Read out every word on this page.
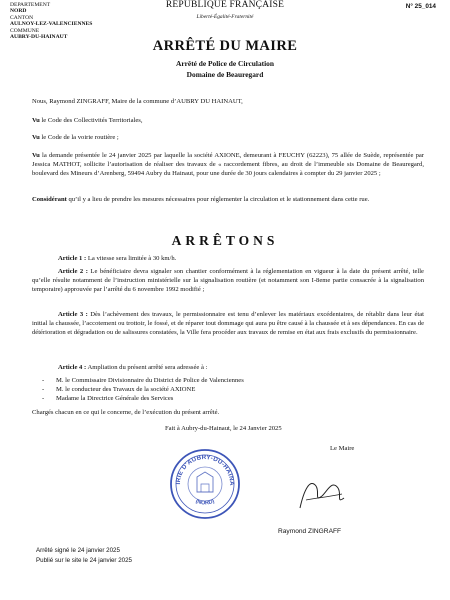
DEPARTEMENT
NORD
CANTON
AULNOY-LEZ-VALENCIENNES
COMMUNE
AUBRY-DU-HAINAUT
RÉPUBLIQUE FRANÇAISE
Liberté-Égalité-Fraternité
N° 25_014
ARRÊTÉ DU MAIRE
Arrêté de Police de Circulation
Domaine de Beauregard
Nous, Raymond ZINGRAFF, Maire de la commune d’AUBRY DU HAINAUT,
Vu le Code des Collectivités Territoriales,
Vu le Code de la voirie routière ;
Vu la demande présentée le 24 janvier 2025 par laquelle la société AXIONE, demeurant à FEUCHY (62223), 75 allée de Suède, représentée par Jessica MATHOT, sollicite l’autorisation de réaliser des travaux de « raccordement fibres, au droit de l’immeuble sis Domaine de Beauregard, boulevard des Mineurs d’Arenberg, 59494 Aubry du Hainaut, pour une durée de 30 jours calendaires à compter du 29 janvier 2025 ;
Considérant qu’il y a lieu de prendre les mesures nécessaires pour réglementer la circulation et le stationnement dans cette rue.
ARRÊTONS
Article 1 : La vitesse sera limitée à 30 km/h.
Article 2 : Le bénéficiaire devra signaler son chantier conformément à la réglementation en vigueur à la date du présent arrêté, telle qu’elle résulte notamment de l’instruction ministérielle sur la signalisation routière (et notamment son I-8eme partie consacrée à la signalisation temporaire) approuvée par l’arrêté du 6 novembre 1992 modifié ;
Article 3 : Dès l’achèvement des travaux, le permissionnaire est tenu d’enlever les matériaux excédentaires, de rétablir dans leur état initial la chaussée, l’accotement ou trottoir, le fossé, et de réparer tout dommage qui aura pu être causé à la chaussée et à ses dépendances. En cas de détérioration et dégradation ou de salissures constatées, la Ville fera procéder aux travaux de remise en état aux frais exclusifs du permissionnaire.
Article 4 : Ampliation du présent arrêté sera adressée à :
- M. le Commissaire Divisionnaire du District de Police de Valenciennes
- M. le conducteur des Travaux de la société AXIONE
- Madame la Directrice Générale des Services
Chargés chacun en ce qui le concerne, de l’exécution du présent arrêté.
Fait à Aubry-du-Hainaut, le 24 Janvier 2025
Le Maire
IRIE D'AUBRY-DU-HAINA
(NORD)
Raymond ZINGRAFF
Arrêté signé le 24 janvier 2025
Publié sur le site le 24 janvier 2025
